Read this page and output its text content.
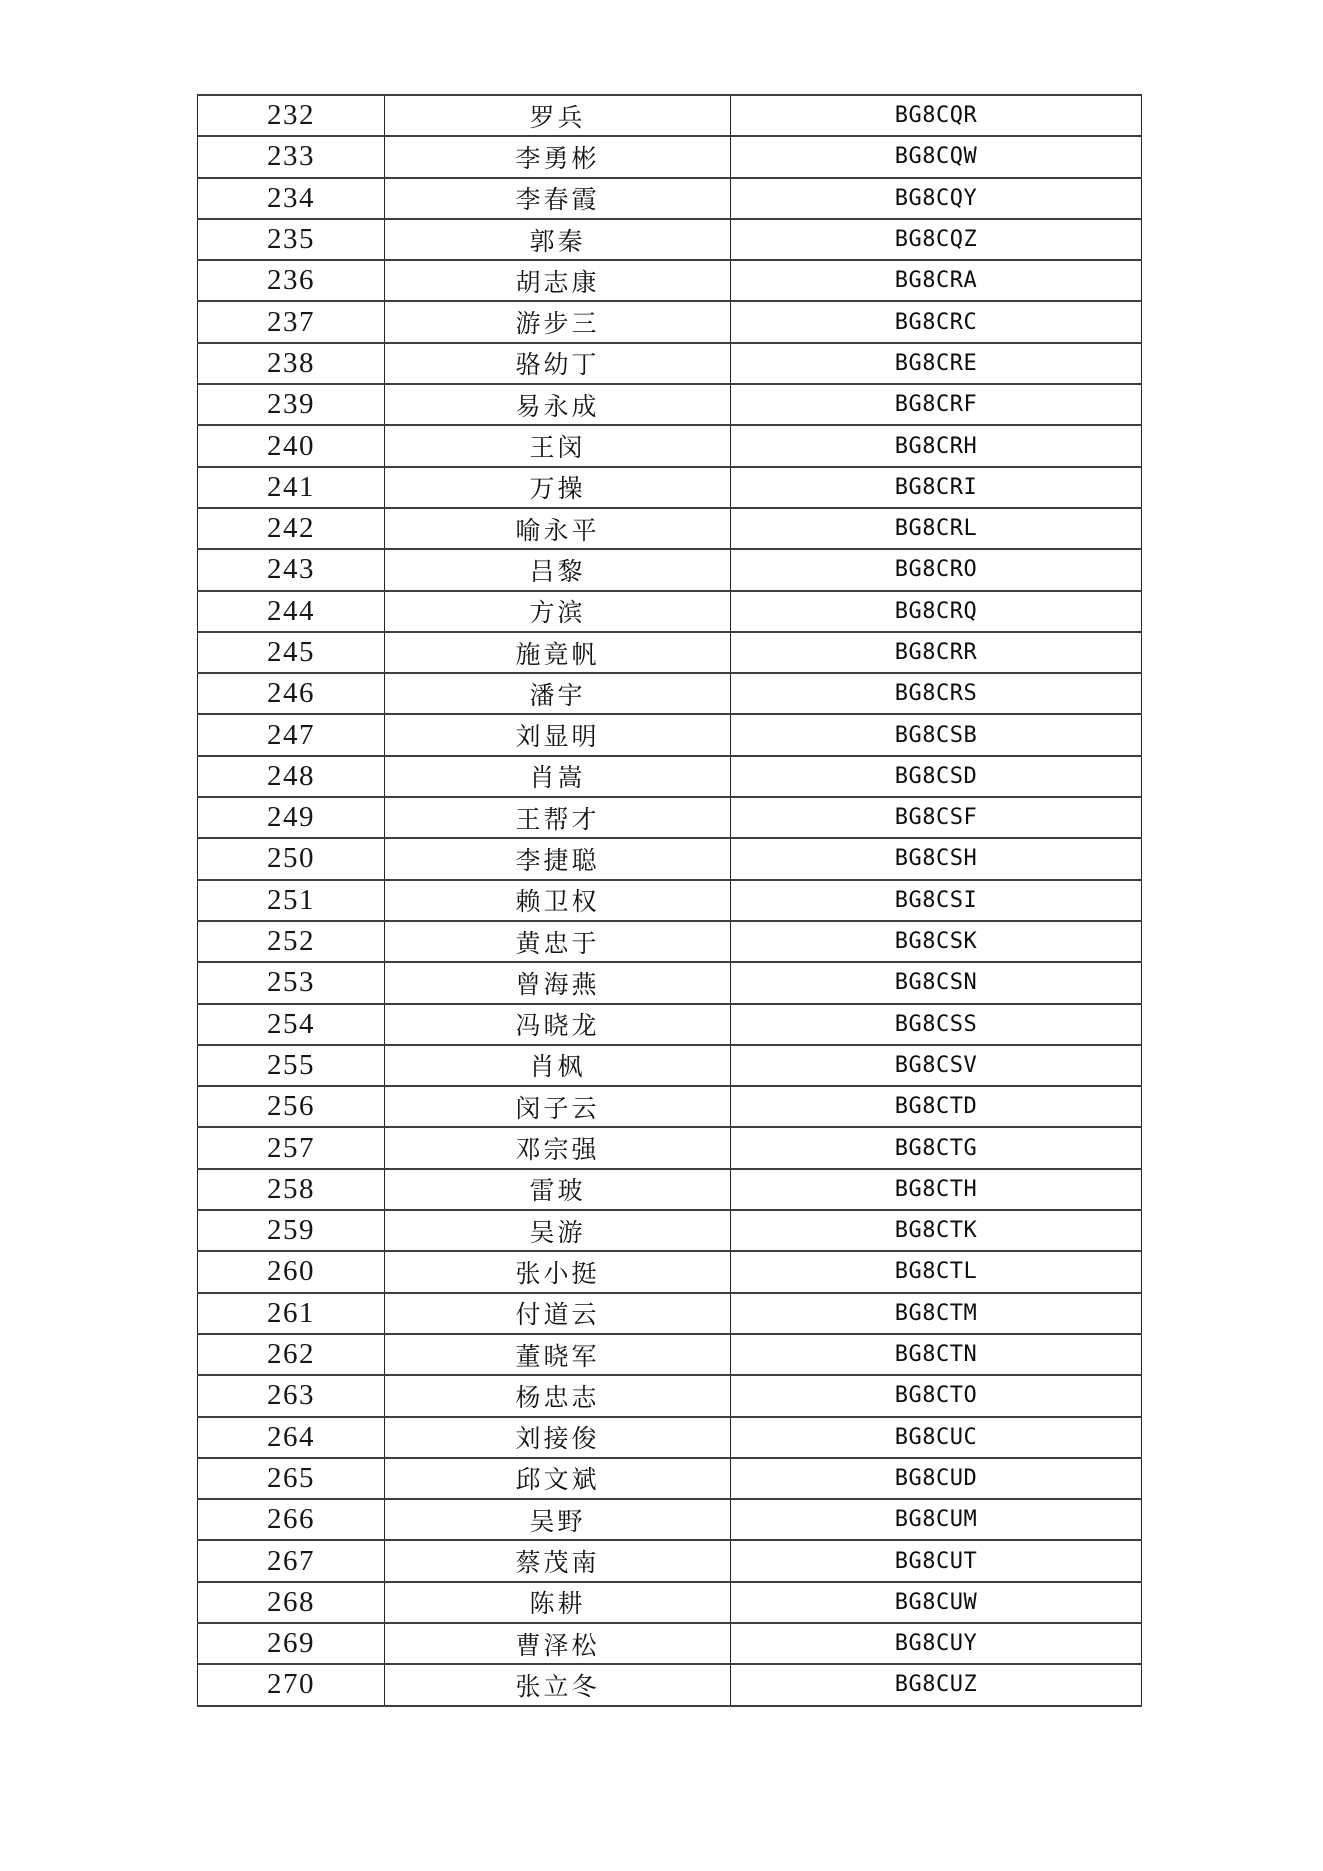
232	罗兵	BG8CQR
233	李勇彬	BG8CQW
234	李春霞	BG8CQY
235	郭秦	BG8CQZ
236	胡志康	BG8CRA
237	游步三	BG8CRC
238	骆幼丁	BG8CRE
239	易永成	BG8CRF
240	王闵	BG8CRH
241	万操	BG8CRI
242	喻永平	BG8CRL
243	吕黎	BG8CRO
244	方滨	BG8CRQ
245	施竟帆	BG8CRR
246	潘宇	BG8CRS
247	刘显明	BG8CSB
248	肖嵩	BG8CSD
249	王帮才	BG8CSF
250	李捷聪	BG8CSH
251	赖卫权	BG8CSI
252	黄忠于	BG8CSK
253	曾海燕	BG8CSN
254	冯晓龙	BG8CSS
255	肖枫	BG8CSV
256	闵子云	BG8CTD
257	邓宗强	BG8CTG
258	雷玻	BG8CTH
259	吴游	BG8CTK
260	张小挺	BG8CTL
261	付道云	BG8CTM
262	董晓军	BG8CTN
263	杨忠志	BG8CTO
264	刘接俊	BG8CUC
265	邱文斌	BG8CUD
266	吴野	BG8CUM
267	蔡茂南	BG8CUT
268	陈耕	BG8CUW
269	曹泽松	BG8CUY
270	张立冬	BG8CUZ
